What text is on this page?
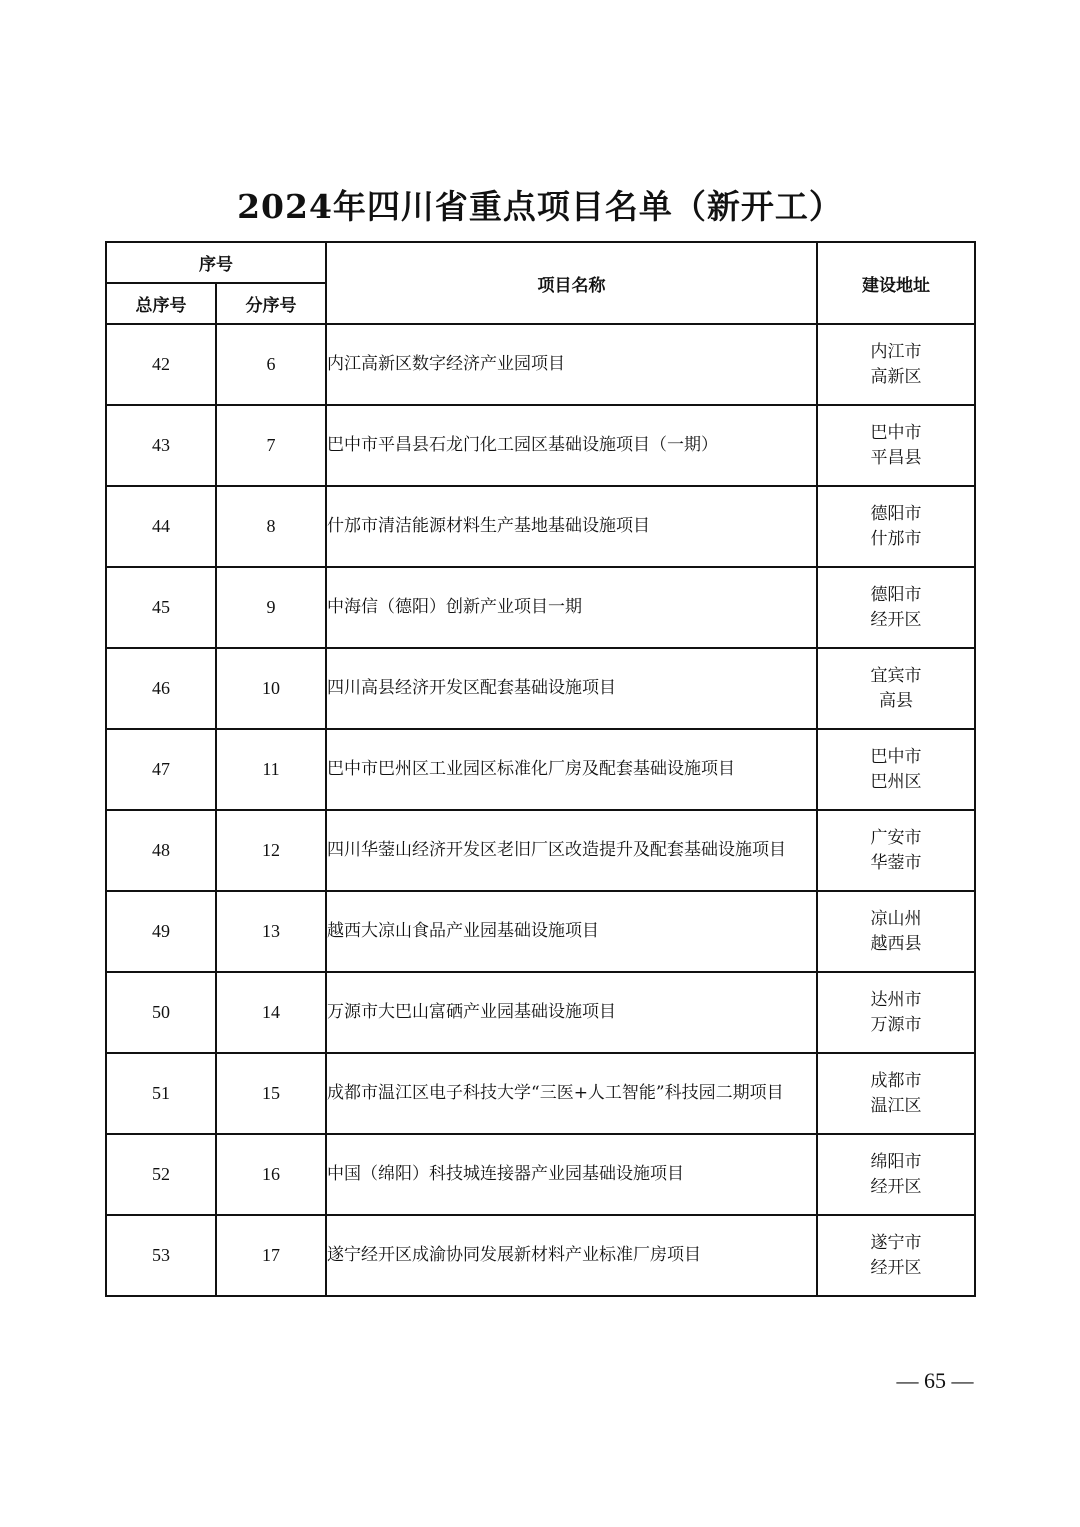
2024年四川省重点项目名单（新开工）
序号		项目名称	建设地址
总序号	分序号		
42	6	内江高新区数字经济产业园项目	内江市
高新区

43	7	巴中市平昌县石龙门化工园区基础设施项目（一期）	巴中市
平昌县

44	8	什邡市清洁能源材料生产基地基础设施项目	德阳市
什邡市

45	9	中海信（德阳）创新产业项目一期	德阳市
经开区

46	10	四川高县经济开发区配套基础设施项目	宜宾市
高县

47	11	巴中市巴州区工业园区标准化厂房及配套基础设施项目	巴中市
巴州区

48	12	四川华蓥山经济开发区老旧厂区改造提升及配套基础设施项目	广安市
华蓥市

49	13	越西大凉山食品产业园基础设施项目	凉山州
越西县

50	14	万源市大巴山富硒产业园基础设施项目	达州市
万源市

51	15	成都市温江区电子科技大学“三医+人工智能”科技园二期项目	成都市
温江区

52	16	中国（绵阳）科技城连接器产业园基础设施项目	绵阳市
经开区

53	17	遂宁经开区成渝协同发展新材料产业标准厂房项目	遂宁市
经开区
— 65 —
